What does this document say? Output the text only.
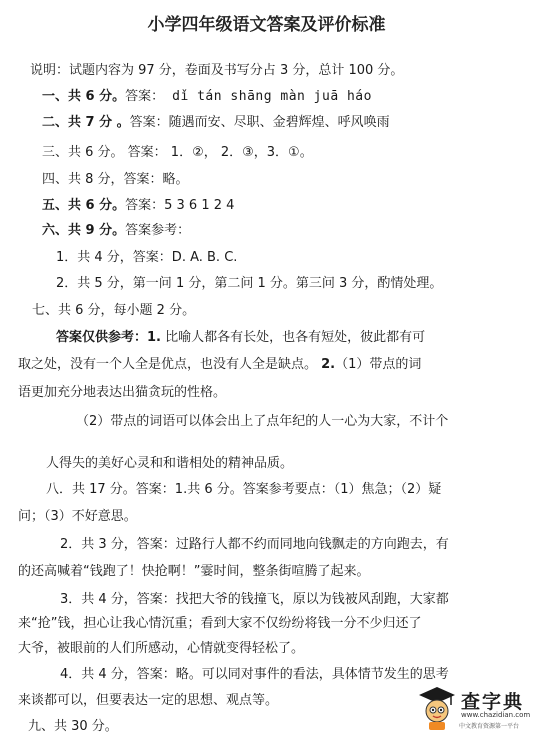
小学四年级语文答案及评价标准
说明：试题内容为 97 分，卷面及书写分占 3 分，总计 100 分。
一、共 6 分。答案： dǐ tán shāng màn juā háo
二、共 7 分 。答案：随遇而安、尽职、金碧辉煌、呼风唤雨
三、共 6 分。 答案： 1．②， 2．③，3．①。
四、共 8 分，答案：略。
五、共 6 分。答案：5 3 6 1 2 4
六、共 9 分。答案参考：
1．共 4 分，答案：D. A. B. C.
2．共 5 分，第一问 1 分，第二问 1 分。第三问 3 分，酌情处理。
七、共 6 分，每小题 2 分。
答案仅供参考：1. 比喻人都各有长处，也各有短处，彼此都有可
取之处，没有一个人全是优点，也没有人全是缺点。 2.（1）带点的词
语更加充分地表达出猫贪玩的性格。
（2）带点的词语可以体会出上了点年纪的人一心为大家，不计个
人得失的美好心灵和和谐相处的精神品质。
八．共 17 分。答案：1.共 6 分。答案参考要点：（1）焦急；（2）疑
问；（3）不好意思。
2．共 3 分，答案：过路行人都不约而同地向钱飘走的方向跑去，有
的还高喊着“钱跑了！快抢啊！”霎时间，整条街喧腾了起来。
3．共 4 分，答案：找把大爷的钱撞飞，原以为钱被风刮跑，大家都
来“抢”钱，担心让我心情沉重；看到大家不仅纷纷将钱一分不少归还了
大爷，被眼前的人们所感动，心情就变得轻松了。
4．共 4 分，答案：略。可以同对事件的看法，具体情节发生的思考
来谈都可以，但要表达一定的思想、观点等。
九、共 30 分。
查字典
www.chazidian.com
中文教育资源第一平台
